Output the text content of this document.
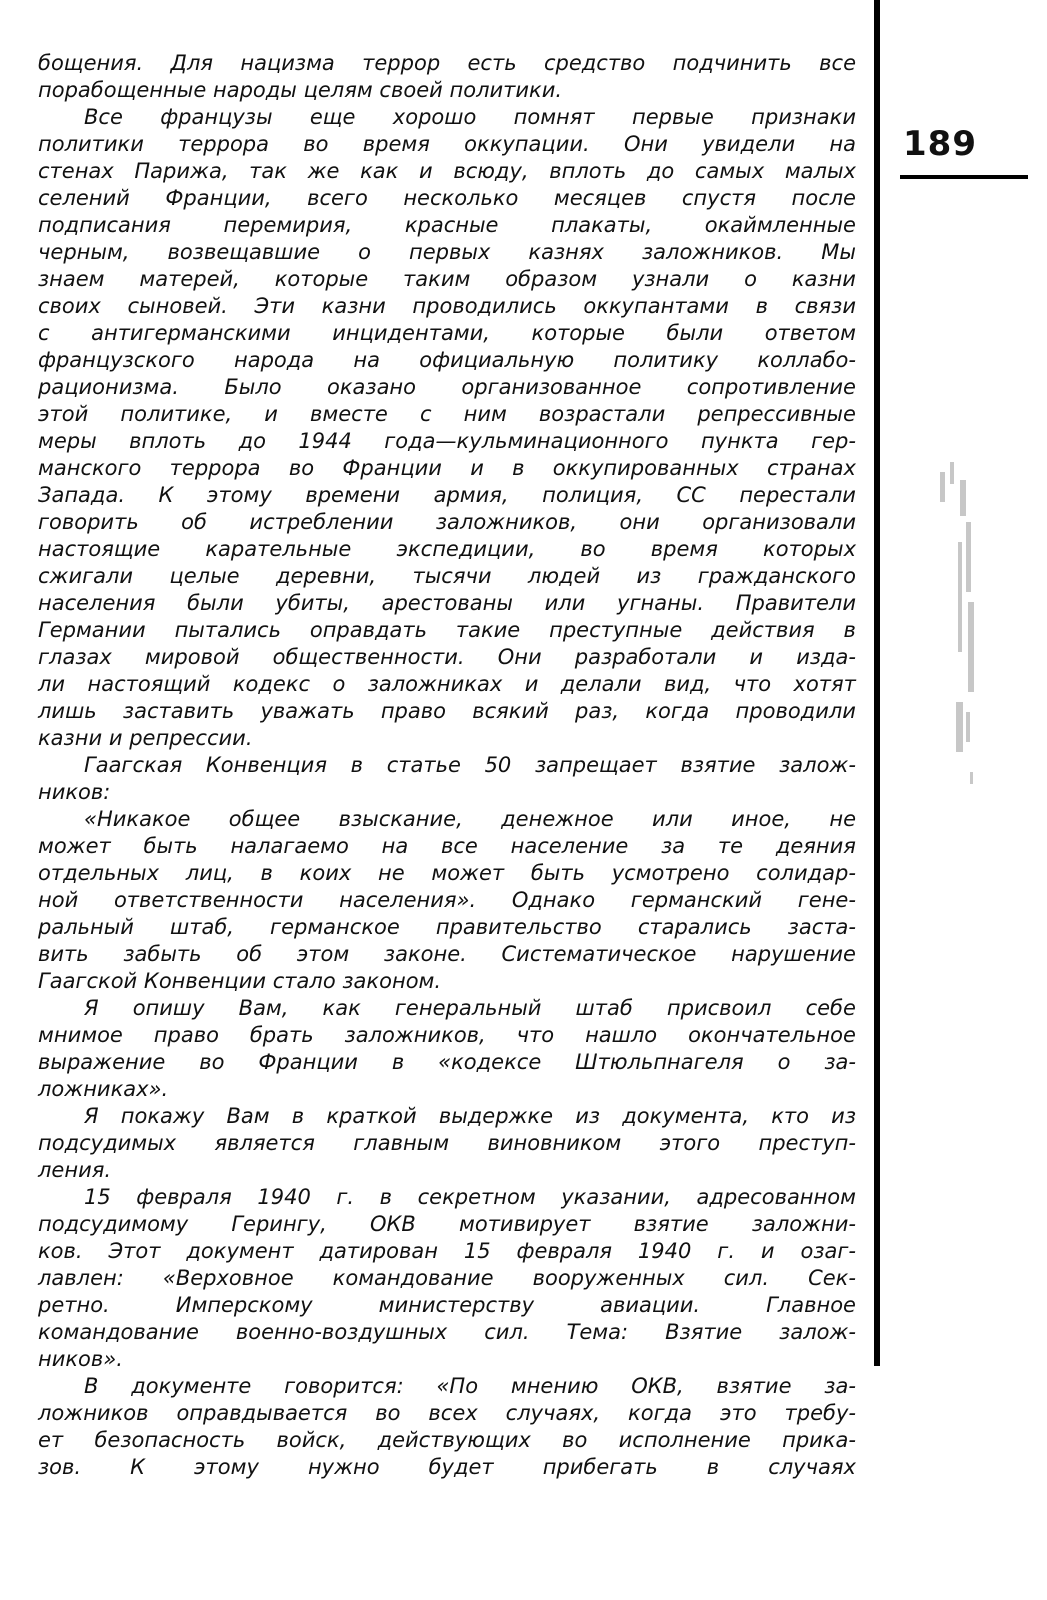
189
бощения. Для нацизма террор есть средство подчинить все
порабощенные народы целям своей политики.
Все французы еще хорошо помнят первые признаки
политики террора во время оккупации. Они увидели на
стенах Парижа, так же как и всюду, вплоть до самых малых
селений Франции, всего несколько месяцев спустя после
подписания	перемирия,	красные	плакаты,	окаймленные
черным, возвещавшие о первых казнях заложников. Мы
знаем матерей, которые таким образом узнали о казни
своих сыновей. Эти казни проводились оккупантами в связи
с антигерманскими инцидентами, которые были ответом
французского народа на официальную политику коллабо-
рационизма. Было оказано организованное сопротивление
этой политике, и вместе с ним возрастали репрессивные
меры вплоть до 1944 года—кульминационного пункта гер-
манского террора во Франции и в оккупированных странах
Запада. К этому времени армия, полиция, СС перестали
говорить об истреблении заложников, они организовали
настоящие карательные экспедиции, во время которых
сжигали целые деревни, тысячи людей из гражданского
населения были убиты, арестованы или угнаны. Правители
Германии пытались оправдать такие преступные действия в
глазах мировой общественности. Они разработали и изда-
ли настоящий кодекс о заложниках и делали вид, что хотят
лишь заставить уважать право всякий раз, когда проводили
казни и репрессии.
Гаагская Конвенция в статье 50 запрещает взятие залож-
ников:
«Никакое общее взыскание, денежное или иное, не
может быть налагаемо на все население за те деяния
отдельных лиц, в коих не может быть усмотрено солидар-
ной ответственности населения». Однако германский гене-
ральный штаб, германское правительство старались заста-
вить забыть об этом законе. Систематическое нарушение
Гаагской Конвенции стало законом.
Я опишу Вам, как генеральный штаб присвоил себе
мнимое право брать заложников, что нашло окончательное
выражение во Франции в «кодексе Штюльпнагеля о за-
ложниках».
Я покажу Вам в краткой выдержке из документа, кто из
подсудимых является главным виновником этого преступ-
ления.
15 февраля 1940 г. в секретном указании, адресованном
подсудимому Герингу, ОКВ мотивирует взятие заложни-
ков. Этот документ датирован 15 февраля 1940 г. и озаг-
лавлен: «Верховное командование вооруженных сил. Сек-
ретно.	Имперскому	министерству	авиации.	Главное
командование военно-воздушных сил. Тема: Взятие залож-
ников».
В документе говорится: «По мнению ОКВ, взятие за-
ложников оправдывается во всех случаях, когда это требу-
ет безопасность войск, действующих во исполнение прика-
зов. К этому нужно будет прибегать в случаях
